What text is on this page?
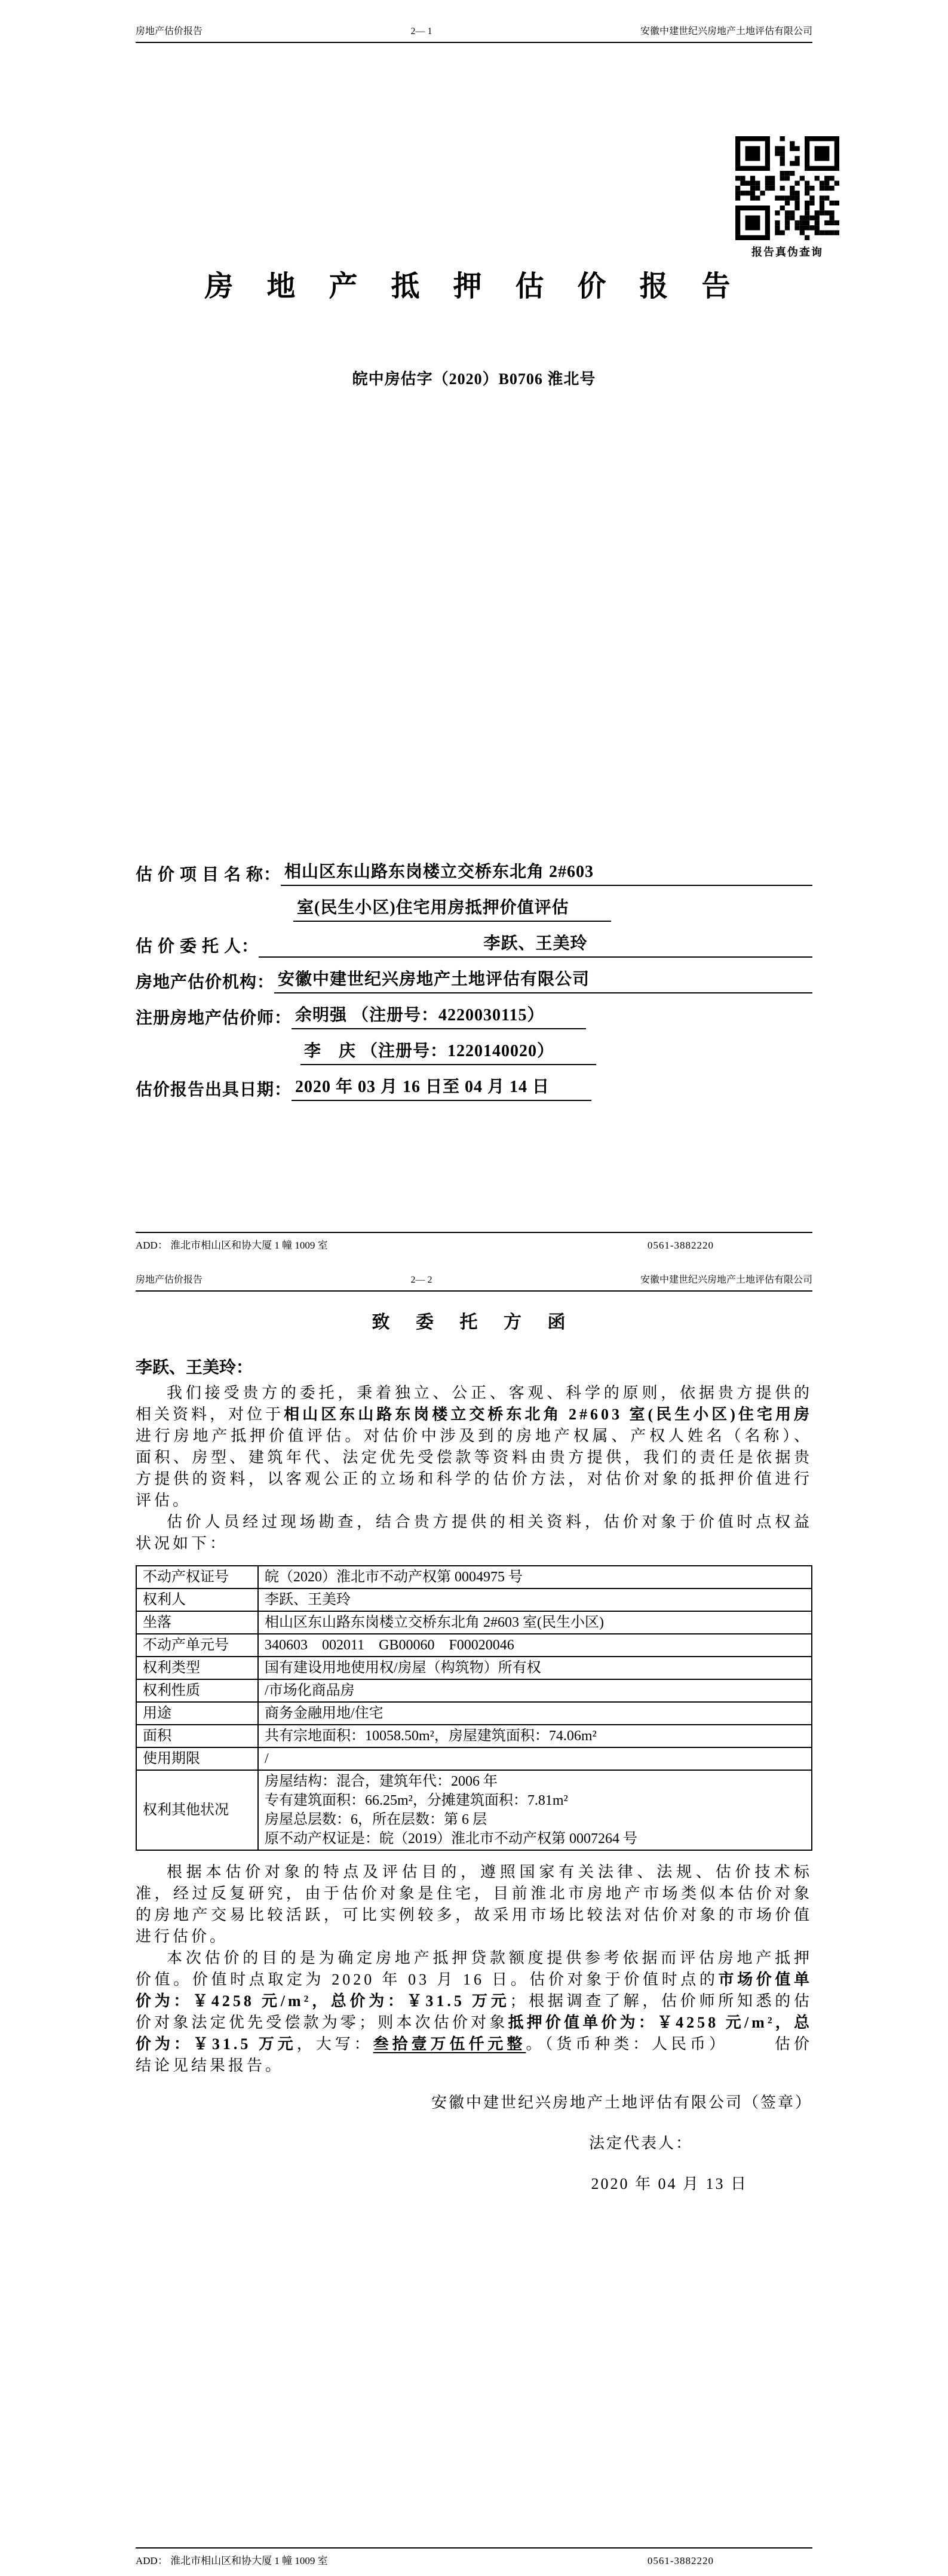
房地产估价报告	2— 1	安徽中建世纪兴房地产土地评估有限公司
报告真伪查询
房 地 产 抵 押 估 价 报 告
皖中房估字（2020）B0706 淮北号
估 价 项 目 名 称： 相山区东山路东岗楼立交桥东北角 2#603
室(民生小区)住宅用房抵押价值评估
估 价 委 托 人：	李跃、王美玲
房地产估价机构： 安徽中建世纪兴房地产土地评估有限公司
注册房地产估价师： 余明强 （注册号：4220030115）
李　庆 （注册号：1220140020）
估价报告出具日期： 2020 年 03 月 16 日至 04 月 14 日
ADD： 淮北市相山区和协大厦 1 幢 1009 室	0561-3882220
房地产估价报告	2— 2	安徽中建世纪兴房地产土地评估有限公司
致 委 托 方 函
李跃、王美玲：

我们接受贵方的委托，秉着独立、公正、客观、科学的原则，依据贵方提供的相关资料，对位于相山区东山路东岗楼立交桥东北角 2#603 室(民生小区)住宅用房进行房地产抵押价值评估。对估价中涉及到的房地产权属、产权人姓名（名称）、面积、房型、建筑年代、法定优先受偿款等资料由贵方提供，我们的责任是依据贵方提供的资料，以客观公正的立场和科学的估价方法，对估价对象的抵押价值进行评估。

估价人员经过现场勘查，结合贵方提供的相关资料，估价对象于价值时点权益状况如下：

不动产权证号	皖（2020）淮北市不动产权第 0004975 号
权利人	李跃、王美玲
坐落	相山区东山路东岗楼立交桥东北角 2#603 室(民生小区)
不动产单元号	340603　002011　GB00060　F00020046
权利类型	国有建设用地使用权/房屋（构筑物）所有权
权利性质	/市场化商品房
用途	商务金融用地/住宅
面积	共有宗地面积：10058.50m²，房屋建筑面积：74.06m²
使用期限	/
权利其他状况	房屋结构：混合，建筑年代：2006 年
专有建筑面积：66.25m²，分摊建筑面积：7.81m²
房屋总层数：6，所在层数：第 6 层
原不动产权证是：皖（2019）淮北市不动产权第 0007264 号

根据本估价对象的特点及评估目的，遵照国家有关法律、法规、估价技术标准，经过反复研究，由于估价对象是住宅，目前淮北市房地产市场类似本估价对象的房地产交易比较活跃，可比实例较多，故采用市场比较法对估价对象的市场价值进行估价。

本次估价的目的是为确定房地产抵押贷款额度提供参考依据而评估房地产抵押价值。价值时点取定为 2020 年 03 月 16 日。估价对象于价值时点的市场价值单价为：￥4258 元/m²，总价为：￥31.5 万元；根据调查了解，估价师所知悉的估价对象法定优先受偿款为零；则本次估价对象抵押价值单价为：￥4258 元/m²，总价为：￥31.5 万元，大写：叁拾壹万伍仟元整。（货币种类：人民币）	估价结论见结果报告。

安徽中建世纪兴房地产土地评估有限公司（签章）
法定代表人：
2020 年 04 月 13 日
ADD： 淮北市相山区和协大厦 1 幢 1009 室	0561-3882220
